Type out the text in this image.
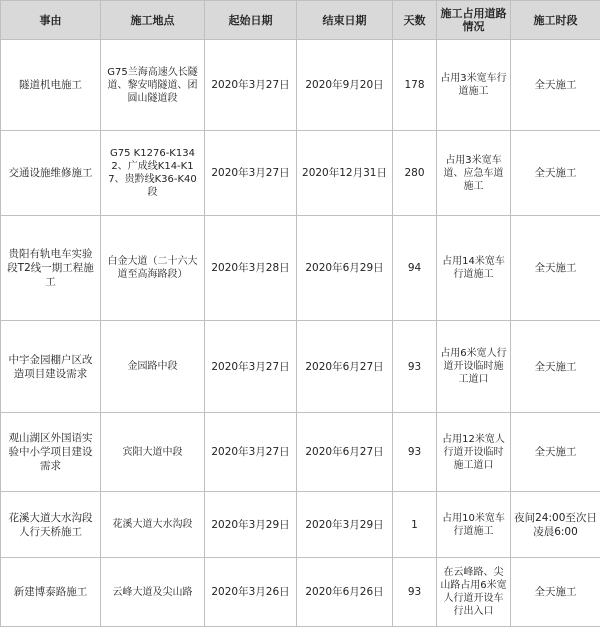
事由	施工地点	起始日期	结束日期	天数	施工占用道路情况	施工时段
隧道机电施工	G75兰海高速久长隧道、黎安哨隧道、团圆山隧道段	2020年3月27日	2020年9月20日	178	占用3米宽车行道施工	全天施工
交通设施维修施工	G75 K1276-K1342、广成线K14-K17、贵黔线K36-K40段	2020年3月27日	2020年12月31日	280	占用3米宽车道、应急车道施工	全天施工
贵阳有轨电车实验段T2线一期工程施工	白金大道（二十六大道至高海路段）	2020年3月28日	2020年6月29日	94	占用14米宽车行道施工	全天施工
中宇金园棚户区改造项目建设需求	金园路中段	2020年3月27日	2020年6月27日	93	占用6米宽人行道开设临时施工道口	全天施工
观山湖区外国语实验中小学项目建设需求	宾阳大道中段	2020年3月27日	2020年6月27日	93	占用12米宽人行道开设临时施工道口	全天施工
花溪大道大水沟段人行天桥施工	花溪大道大水沟段	2020年3月29日	2020年3月29日	1	占用10米宽车行道施工	夜间24:00至次日凌晨6:00
新建博泰路施工	云峰大道及尖山路	2020年3月26日	2020年6月26日	93	在云峰路、尖山路占用6米宽人行道开设车行出入口	全天施工
